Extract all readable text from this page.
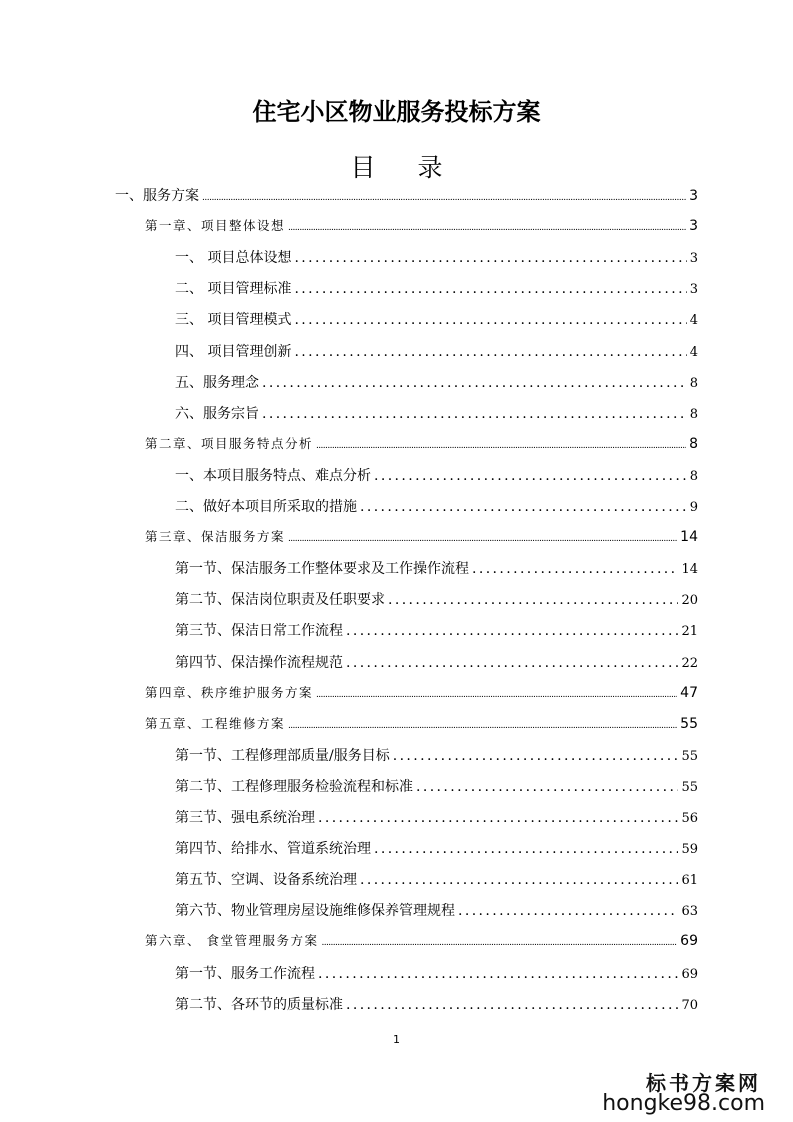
住宅小区物业服务投标方案
目 录
一、服务方案 .....	3
第一章、项目整体设想 .....	3
一、 项目总体设想 .....	3
二、 项目管理标准 .....	3
三、 项目管理模式 .....	4
四、 项目管理创新 .....	4
五、服务理念 .....	8
六、服务宗旨 .....	8
第二章、项目服务特点分析 .....	8
一、本项目服务特点、难点分析 .....	8
二、做好本项目所采取的措施 .....	9
第三章、保洁服务方案 .....	14
第一节、保洁服务工作整体要求及工作操作流程 .....	14
第二节、保洁岗位职责及任职要求 .....	20
第三节、保洁日常工作流程 .....	21
第四节、保洁操作流程规范 .....	22
第四章、秩序维护服务方案 .....	47
第五章、工程维修方案 .....	55
第一节、工程修理部质量/服务目标 .....	55
第二节、工程修理服务检验流程和标准 .....	55
第三节、强电系统治理 .....	56
第四节、给排水、管道系统治理 .....	59
第五节、空调、设备系统治理 .....	61
第六节、物业管理房屋设施维修保养管理规程 .....	63
第六章、 食堂管理服务方案 .....	69
第一节、服务工作流程 .....	69
第二节、各环节的质量标准 .....	70
1
标书方案网
hongke98.com
